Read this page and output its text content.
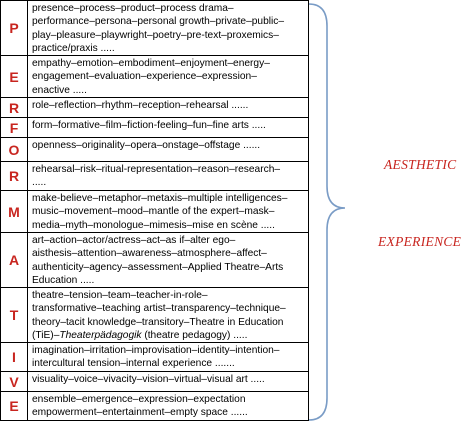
P
presence–process–product–process drama–
performance–persona–personal growth–private–public–
play–pleasure–playwright–poetry–pre-text–proxemics–
practice/praxis .....
E
empathy–emotion–embodiment–enjoyment–energy–
engagement–evaluation–experience–expression–
enactive .....
R	role–reflection–rhythm–reception–rehearsal ......
F	form–formative–film–fiction-feeling–fun–fine arts .....
O	openness–originality–opera–onstage–offstage ......
R	rehearsal–risk–ritual-representation–reason–research–
.....
M
make-believe–metaphor–metaxis–multiple intelligences–
music–movement–mood–mantle of the expert–mask–
media–myth–monologue–mimesis–mise en scène .....
A
art–action–actor/actress–act–as if–alter ego–
aisthesis–attention–awareness–atmosphere–affect–
authenticity–agency–assessment–Applied Theatre–Arts
Education .....
T
theatre–tension–team–teacher-in-role–
transformative–teaching artist–transparency–technique–
theory–tacit knowledge–transitory–Theatre in Education
(TiE)–Theaterpädagogik (theatre pedagogy) .....
I	imagination–irritation–improvisation–identity–intention–
intercultural tension–internal experience .......
V	visuality–voice–vivacity–vision–virtual–visual art .....
E	ensemble–emergence–expression–expectation
empowerment–entertainment–empty space ......
AESTHETIC
EXPERIENCE
